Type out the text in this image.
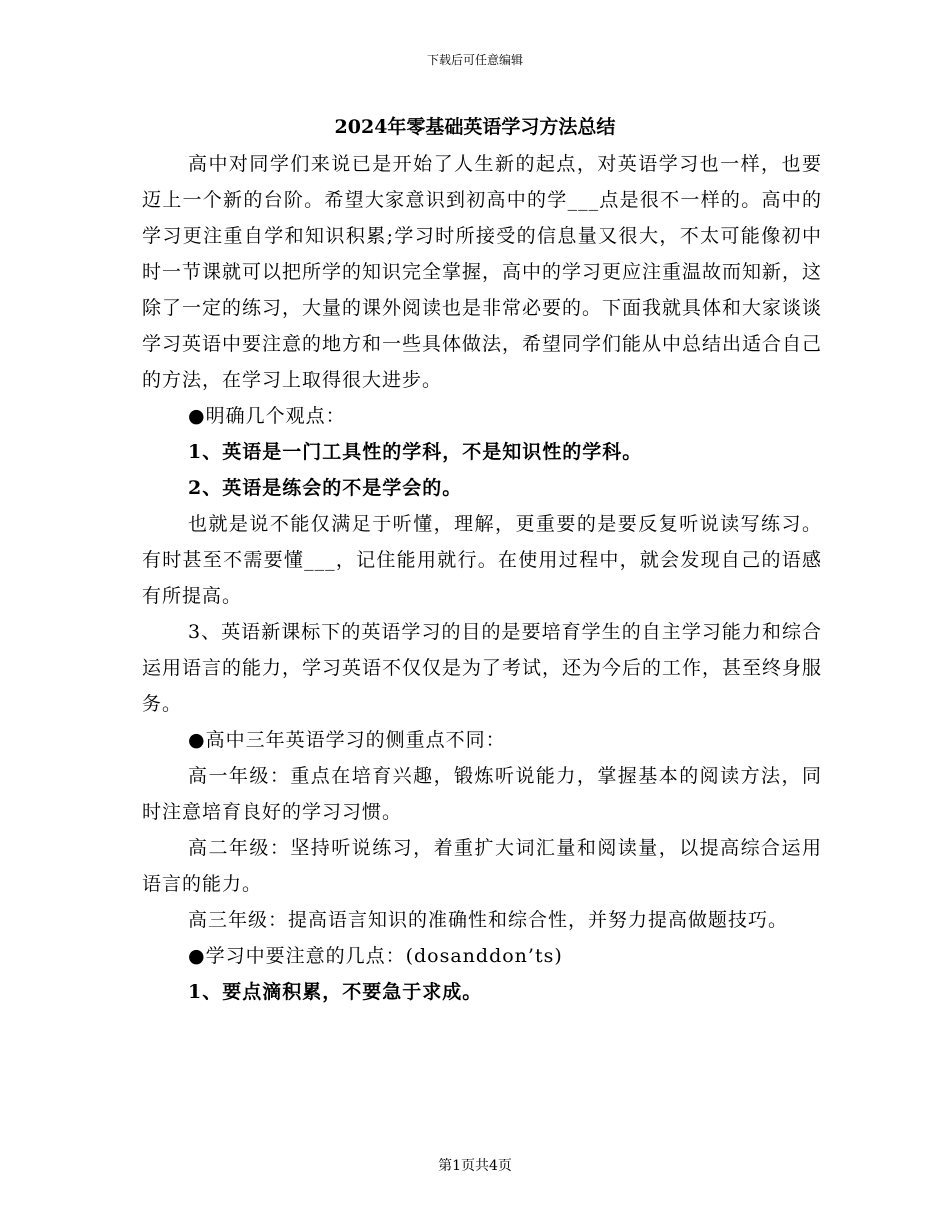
下载后可任意编辑
2024年零基础英语学习方法总结

高中对同学们来说已是开始了人生新的起点，对英语学习也一样，也要迈上一个新的台阶。希望大家意识到初高中的学___点是很不一样的。高中的学习更注重自学和知识积累;学习时所接受的信息量又很大，不太可能像初中时一节课就可以把所学的知识完全掌握，高中的学习更应注重温故而知新，这除了一定的练习，大量的课外阅读也是非常必要的。下面我就具体和大家谈谈学习英语中要注意的地方和一些具体做法，希望同学们能从中总结出适合自己的方法，在学习上取得很大进步。

●明确几个观点：

1、英语是一门工具性的学科，不是知识性的学科。

2、英语是练会的不是学会的。

也就是说不能仅满足于听懂，理解，更重要的是要反复听说读写练习。有时甚至不需要懂___，记住能用就行。在使用过程中，就会发现自己的语感有所提高。

3、英语新课标下的英语学习的目的是要培育学生的自主学习能力和综合运用语言的能力，学习英语不仅仅是为了考试，还为今后的工作，甚至终身服务。

●高中三年英语学习的侧重点不同：

高一年级：重点在培育兴趣，锻炼听说能力，掌握基本的阅读方法，同时注意培育良好的学习习惯。

高二年级：坚持听说练习，着重扩大词汇量和阅读量，以提高综合运用语言的能力。

高三年级：提高语言知识的准确性和综合性，并努力提高做题技巧。

●学习中要注意的几点：(dosanddon’ts)

1、要点滴积累，不要急于求成。

第1页共4页
